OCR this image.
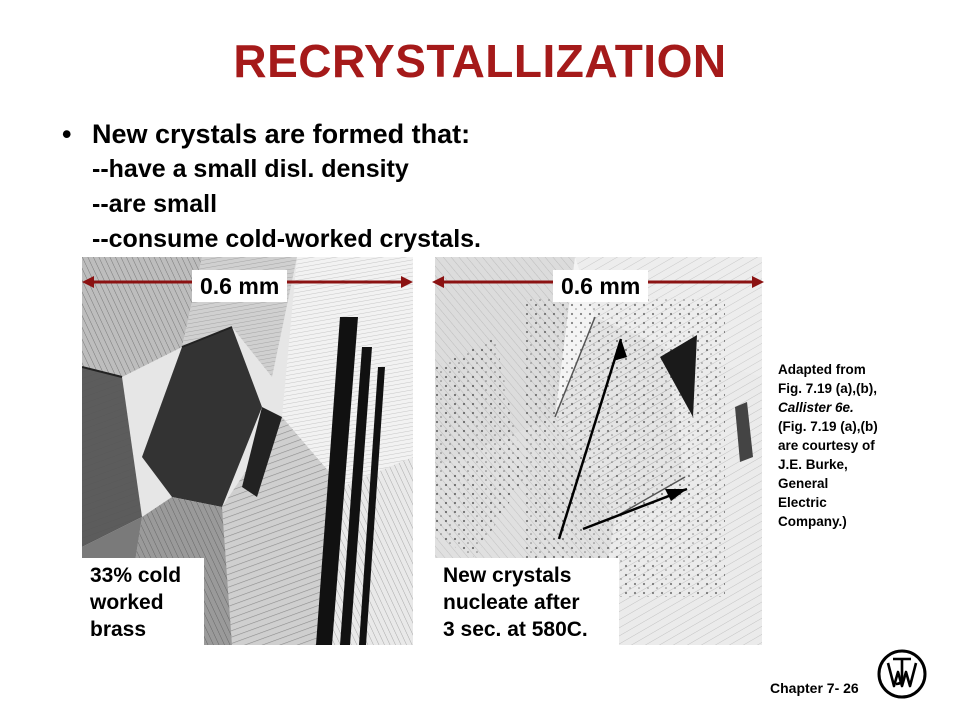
RECRYSTALLIZATION
• New crystals are formed that:
--have a small disl. density
--are small
--consume cold-worked crystals.
0.6 mm	0.6 mm
33% cold
worked
brass
New crystals
nucleate after
3 sec. at 580C.
Adapted from
Fig. 7.19 (a),(b),
Callister 6e.
(Fig. 7.19 (a),(b)
are courtesy of
J.E. Burke,
General
Electric
Company.)
Chapter 7- 26
